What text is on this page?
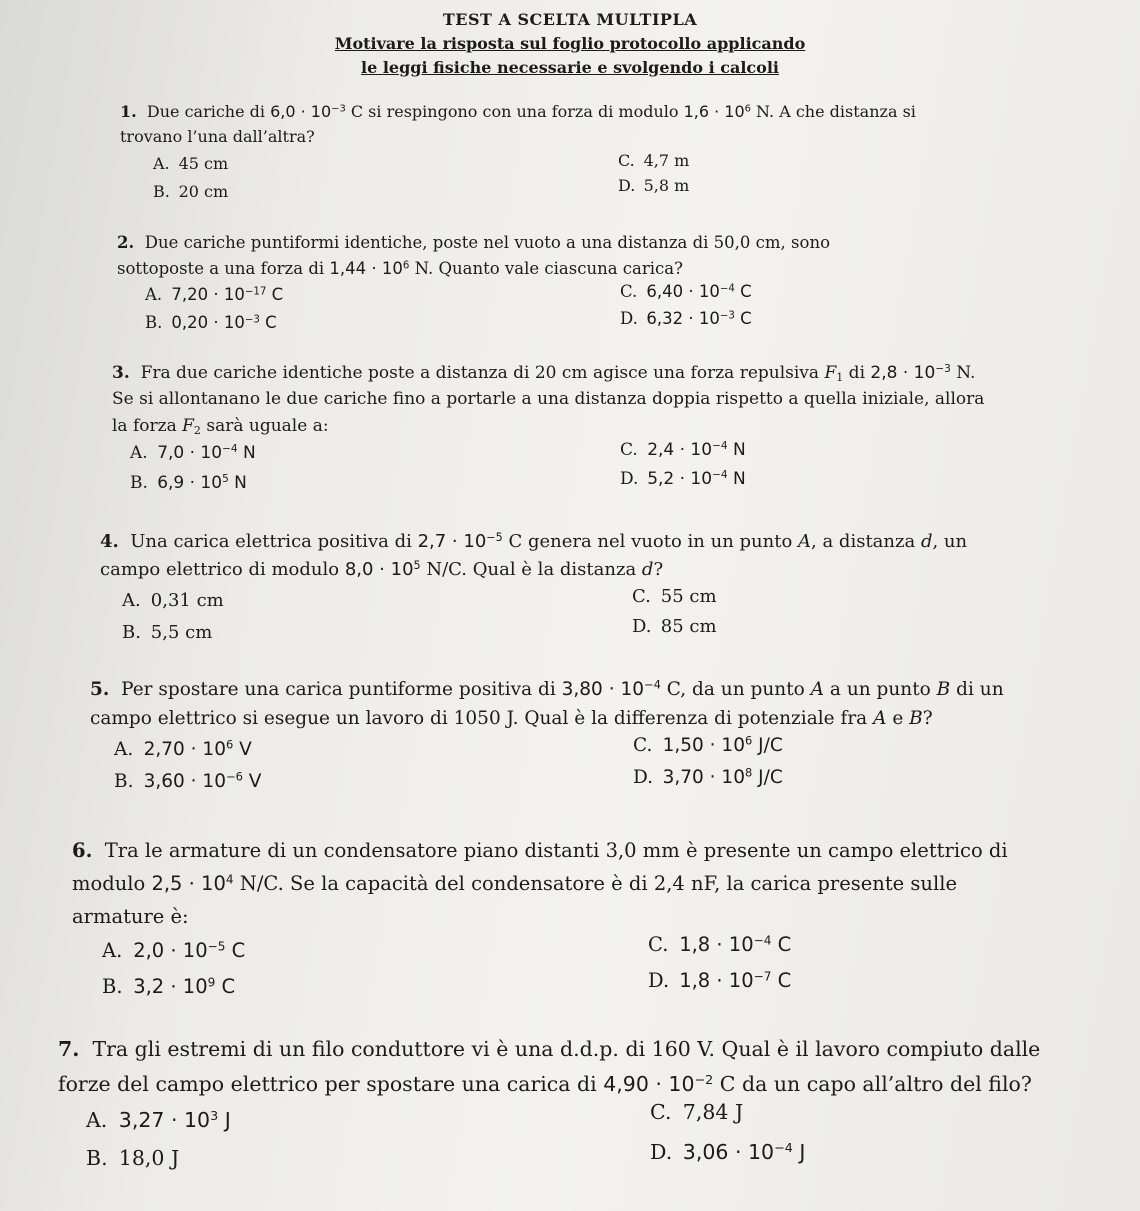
TEST A SCELTA MULTIPLA
Motivare la risposta sul foglio protocollo applicando
le leggi fisiche necessarie e svolgendo i calcoli
1. Due cariche di $6,0 \cdot 10^{-3}$ C si respingono con una forza di modulo $1,6 \cdot 10^6$ N. A che distanza si trovano l’una dall’altra?
A. 45 cm
B. 20 cm
C. 4,7 m
D. 5,8 m
2. Due cariche puntiformi identiche, poste nel vuoto a una distanza di 50,0 cm, sono sottoposte a una forza di $1,44 \cdot 10^6$ N. Quanto vale ciascuna carica?
A. $7,20 \cdot 10^{-17}$ C
B. $0,20 \cdot 10^{-3}$ C
C. $6,40 \cdot 10^{-4}$ C
D. $6,32 \cdot 10^{-3}$ C
3. Fra due cariche identiche poste a distanza di 20 cm agisce una forza repulsiva $F_1$ di $2,8 \cdot 10^{-3}$ N. Se si allontanano le due cariche fino a portarle a una distanza doppia rispetto a quella iniziale, allora la forza $F_2$ sarà uguale a:
A. $7,0 \cdot 10^{-4}$ N
B. $6,9 \cdot 10^5$ N
C. $2,4 \cdot 10^{-4}$ N
D. $5,2 \cdot 10^{-4}$ N
4. Una carica elettrica positiva di $2,7 \cdot 10^{-5}$ C genera nel vuoto in un punto A, a distanza d, un campo elettrico di modulo $8,0 \cdot 10^5$ N/C. Qual è la distanza d?
A. 0,31 cm
B. 5,5 cm
C. 55 cm
D. 85 cm
5. Per spostare una carica puntiforme positiva di $3,80 \cdot 10^{-4}$ C, da un punto A a un punto B di un campo elettrico si esegue un lavoro di 1050 J. Qual è la differenza di potenziale fra A e B?
A. $2,70 \cdot 10^6$ V
B. $3,60 \cdot 10^{-6}$ V
C. $1,50 \cdot 10^6$ J/C
D. $3,70 \cdot 10^8$ J/C
6. Tra le armature di un condensatore piano distanti 3,0 mm è presente un campo elettrico di modulo $2,5 \cdot 10^4$ N/C. Se la capacità del condensatore è di 2,4 nF, la carica presente sulle armature è:
A. $2,0 \cdot 10^{-5}$ C
B. $3,2 \cdot 10^9$ C
C. $1,8 \cdot 10^{-4}$ C
D. $1,8 \cdot 10^{-7}$ C
7. Tra gli estremi di un filo conduttore vi è una d.d.p. di 160 V. Qual è il lavoro compiuto dalle forze del campo elettrico per spostare una carica di $4,90 \cdot 10^{-2}$ C da un capo all’altro del filo?
A. $3,27 \cdot 10^3$ J
B. 18,0 J
C. 7,84 J
D. $3,06 \cdot 10^{-4}$ J
